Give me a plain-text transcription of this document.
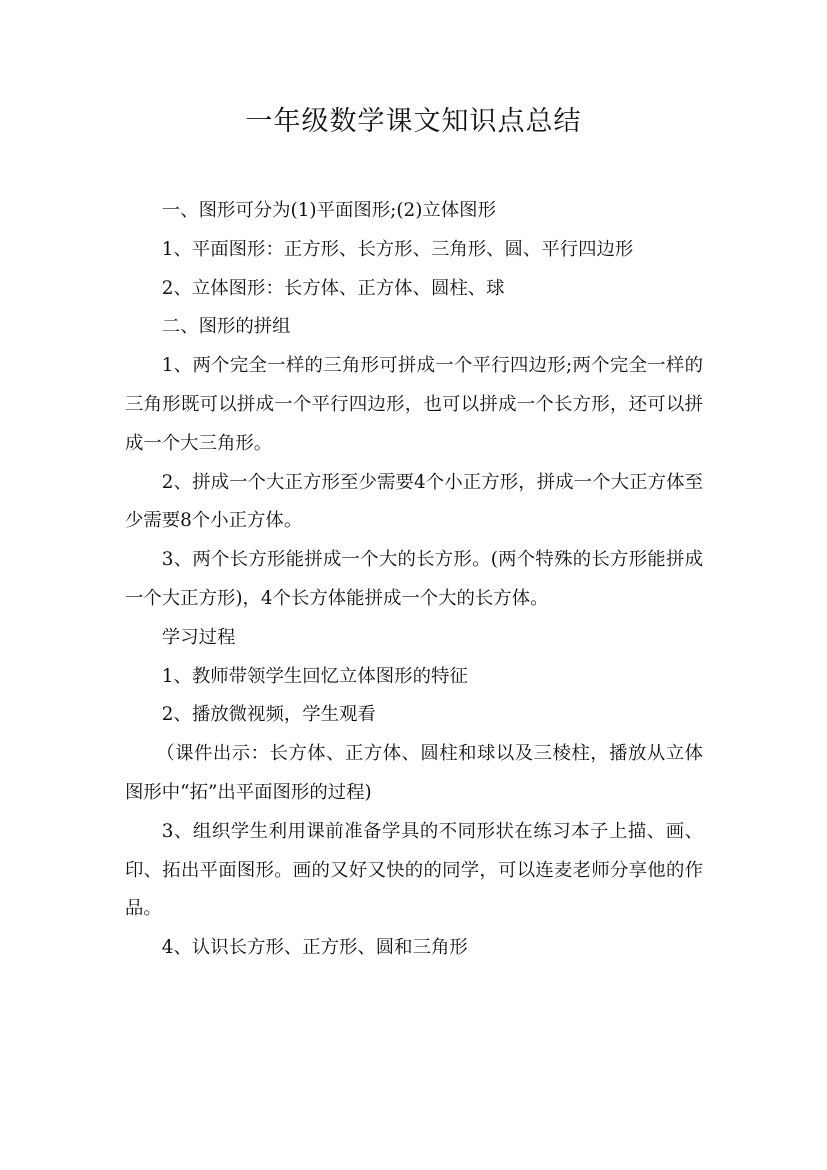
一年级数学课文知识点总结

一、图形可分为(1)平面图形;(2)立体图形

1、平面图形：正方形、长方形、三角形、圆、平行四边形

2、立体图形：长方体、正方体、圆柱、球

二、图形的拼组

1、两个完全一样的三角形可拼成一个平行四边形;两个完全一样的三角形既可以拼成一个平行四边形，也可以拼成一个长方形，还可以拼成一个大三角形。

2、拼成一个大正方形至少需要4个小正方形，拼成一个大正方体至少需要8个小正方体。

3、两个长方形能拼成一个大的长方形。(两个特殊的长方形能拼成一个大正方形)，4个长方体能拼成一个大的长方体。

学习过程

1、教师带领学生回忆立体图形的特征

2、播放微视频，学生观看

（课件出示：长方体、正方体、圆柱和球以及三棱柱，播放从立体图形中“拓”出平面图形的过程)

3、组织学生利用课前准备学具的不同形状在练习本子上描、画、印、拓出平面图形。画的又好又快的的同学，可以连麦老师分享他的作品。

4、认识长方形、正方形、圆和三角形
